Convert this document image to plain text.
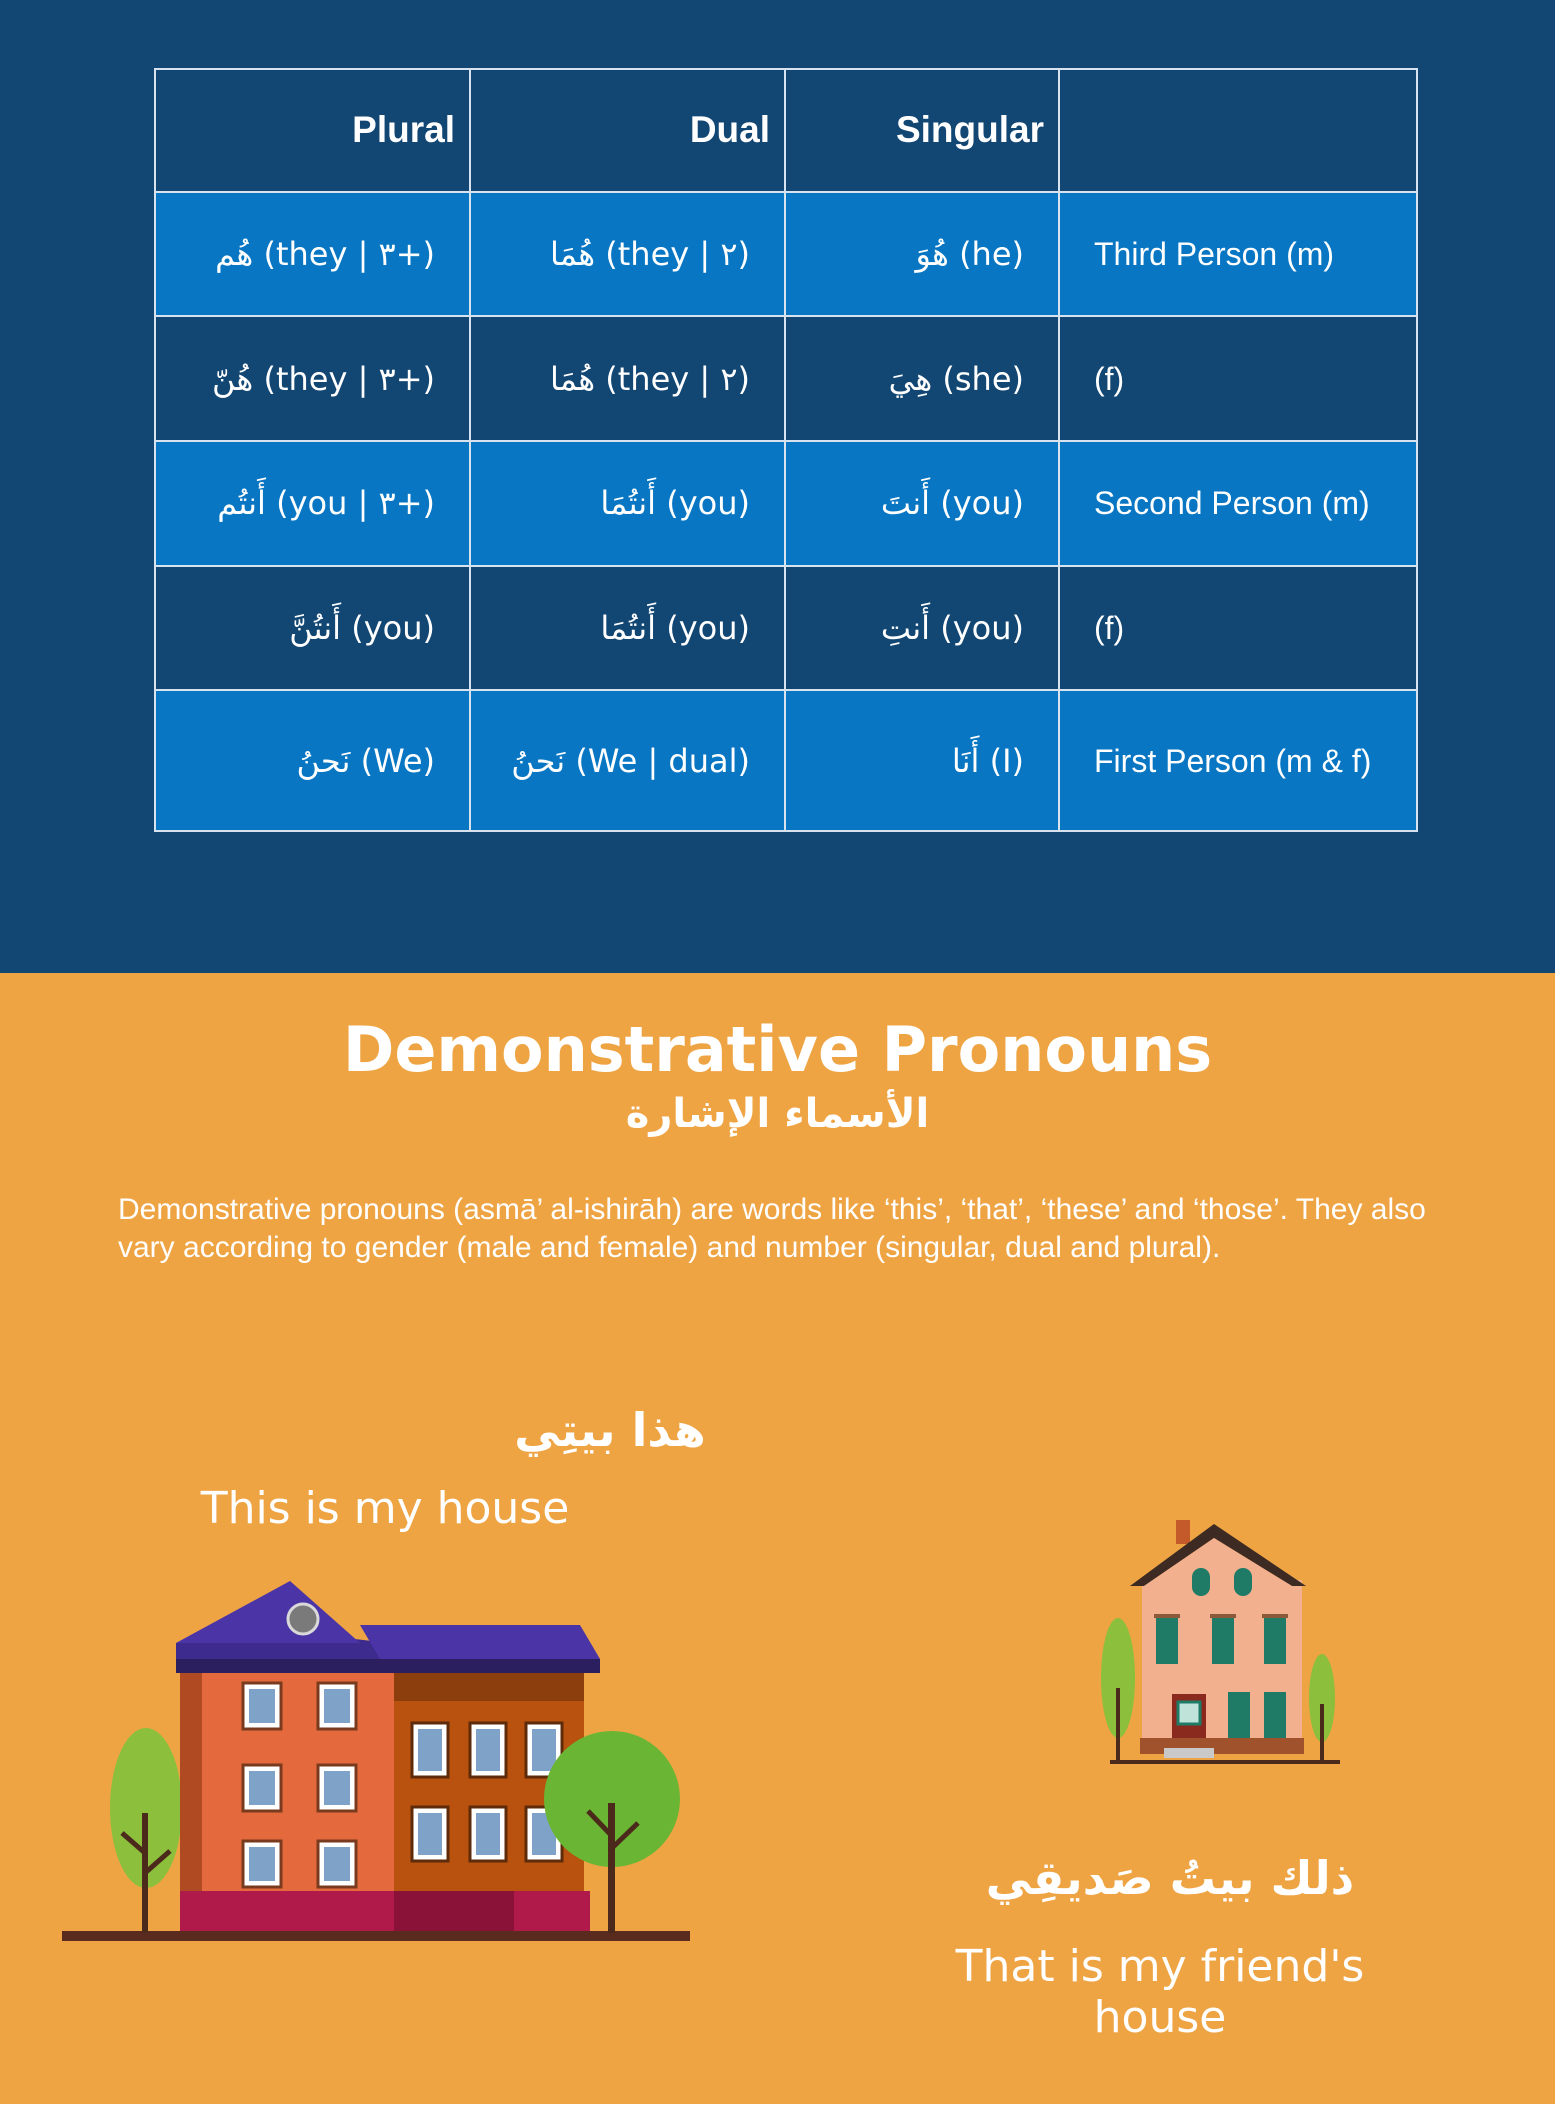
Plural	Dual	Singular	
هُم (they | ٣+)	هُمَا (they | ٢)	هُوَ (he)	Third Person (m)
هُنّ (they | ٣+)	هُمَا (they | ٢)	هِيَ (she)	(f)
أَنتُم (you | ٣+)	أَنتُمَا (you)	أَنتَ (you)	Second Person (m)
أَنتُنَّ (you)	أَنتُمَا (you)	أَنتِ (you)	(f)
نَحنُ (We)	نَحنُ (We | dual)	أَنَا (I)	First Person (m & f)
Demonstrative Pronouns
الأسماء الإشارة
Demonstrative pronouns (asmā’ al-ishirāh) are words like ‘this’, ‘that’, ‘these’ and ‘those’. They also vary according to gender (male and female) and number (singular, dual and plural).
هذا بيتِي
This is my house
ذلك بيتُ صَديقِي
That is my friend's house
